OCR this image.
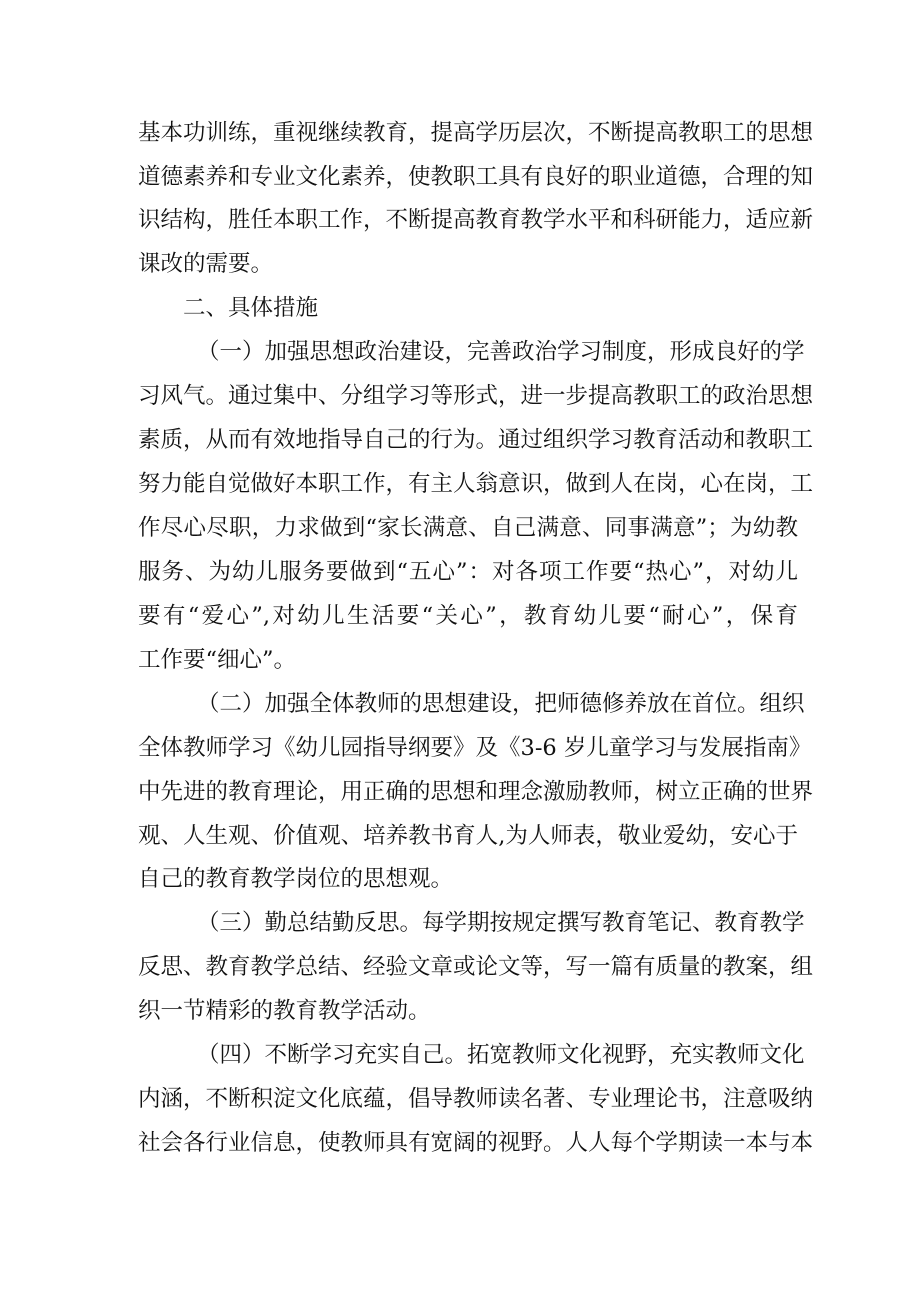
基本功训练，重视继续教育，提高学历层次，不断提高教职工的思想
道德素养和专业文化素养，使教职工具有良好的职业道德，合理的知
识结构，胜任本职工作，不断提高教育教学水平和科研能力，适应新
课改的需要。
二、具体措施
（一）加强思想政治建设，完善政治学习制度，形成良好的学
习风气。通过集中、分组学习等形式，进一步提高教职工的政治思想
素质，从而有效地指导自己的行为。通过组织学习教育活动和教职工
努力能自觉做好本职工作，有主人翁意识，做到人在岗，心在岗，工
作尽心尽职，力求做到“家长满意、自己满意、同事满意”；为幼教
服务、为幼儿服务要做到“五心”：对各项工作要“热心”，对幼儿
要有“爱心”,对幼儿生活要“关心”，教育幼儿要“耐心”，保育
工作要“细心”。
（二）加强全体教师的思想建设，把师德修养放在首位。组织
全体教师学习《幼儿园指导纲要》及《3-6 岁儿童学习与发展指南》
中先进的教育理论，用正确的思想和理念激励教师，树立正确的世界
观、人生观、价值观、培养教书育人,为人师表，敬业爱幼，安心于
自己的教育教学岗位的思想观。
（三）勤总结勤反思。每学期按规定撰写教育笔记、教育教学
反思、教育教学总结、经验文章或论文等，写一篇有质量的教案，组
织一节精彩的教育教学活动。
（四）不断学习充实自己。拓宽教师文化视野，充实教师文化
内涵，不断积淀文化底蕴，倡导教师读名著、专业理论书，注意吸纳
社会各行业信息，使教师具有宽阔的视野。人人每个学期读一本与本
